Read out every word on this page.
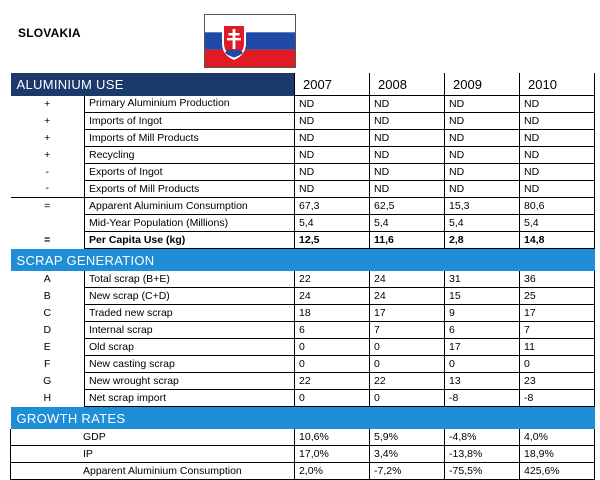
SLOVAKIA
ALUMINIUM USE		2007	2008	2009	2010
+	Primary Aluminium Production	ND	ND	ND	ND
+	Imports of Ingot	ND	ND	ND	ND
+	Imports of Mill Products	ND	ND	ND	ND
+	Recycling	ND	ND	ND	ND
-	Exports of Ingot	ND	ND	ND	ND
-	Exports of Mill Products	ND	ND	ND	ND
=	Apparent Aluminium Consumption	67,3	62,5	15,3	80,6
	Mid-Year Population (Millions)	5,4	5,4	5,4	5,4
=	Per Capita Use (kg)	12,5	11,6	2,8	14,8
SCRAP GENERATION					
A	Total scrap (B+E)	22	24	31	36
B	New scrap (C+D)	24	24	15	25
C	Traded new scrap	18	17	9	17
D	Internal scrap	6	7	6	7
E	Old scrap	0	0	17	11
F	New casting scrap	0	0	0	0
G	New wrought scrap	22	22	13	23
H	Net scrap import	0	0	-8	-8
GROWTH RATES					
GDP		10,6%	5,9%	-4,8%	4,0%
IP		17,0%	3,4%	-13,8%	18,9%
Apparent Aluminium Consumption		2,0%	-7,2%	-75,5%	425,6%
